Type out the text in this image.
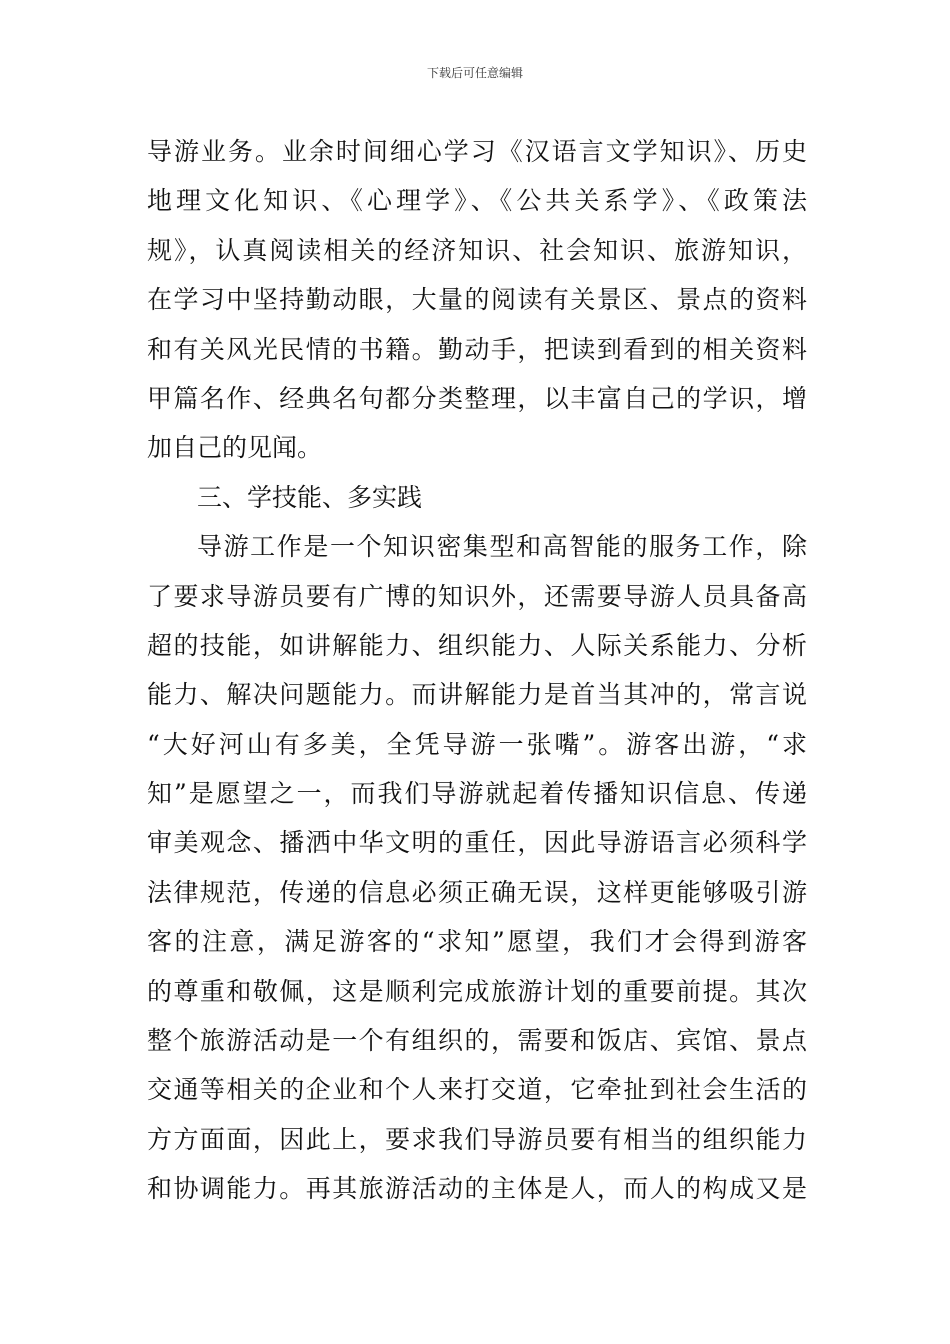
下载后可任意编辑
导游业务。业余时间细心学习《汉语言文学知识》、历史
地理文化知识、《心理学》、《公共关系学》、《政策法
规》，认真阅读相关的经济知识、社会知识、旅游知识，
在学习中坚持勤动眼，大量的阅读有关景区、景点的资料
和有关风光民情的书籍。勤动手，把读到看到的相关资料
甲篇名作、经典名句都分类整理，以丰富自己的学识，增
加自己的见闻。
三、学技能、多实践
导游工作是一个知识密集型和高智能的服务工作，除
了要求导游员要有广博的知识外，还需要导游人员具备高
超的技能，如讲解能力、组织能力、人际关系能力、分析
能力、解决问题能力。而讲解能力是首当其冲的，常言说
“大好河山有多美，全凭导游一张嘴”。游客出游，“求
知”是愿望之一，而我们导游就起着传播知识信息、传递
审美观念、播洒中华文明的重任，因此导游语言必须科学
法律规范，传递的信息必须正确无误，这样更能够吸引游
客的注意，满足游客的“求知”愿望，我们才会得到游客
的尊重和敬佩，这是顺利完成旅游计划的重要前提。其次
整个旅游活动是一个有组织的，需要和饭店、宾馆、景点
交通等相关的企业和个人来打交道，它牵扯到社会生活的
方方面面，因此上，要求我们导游员要有相当的组织能力
和协调能力。再其旅游活动的主体是人，而人的构成又是
